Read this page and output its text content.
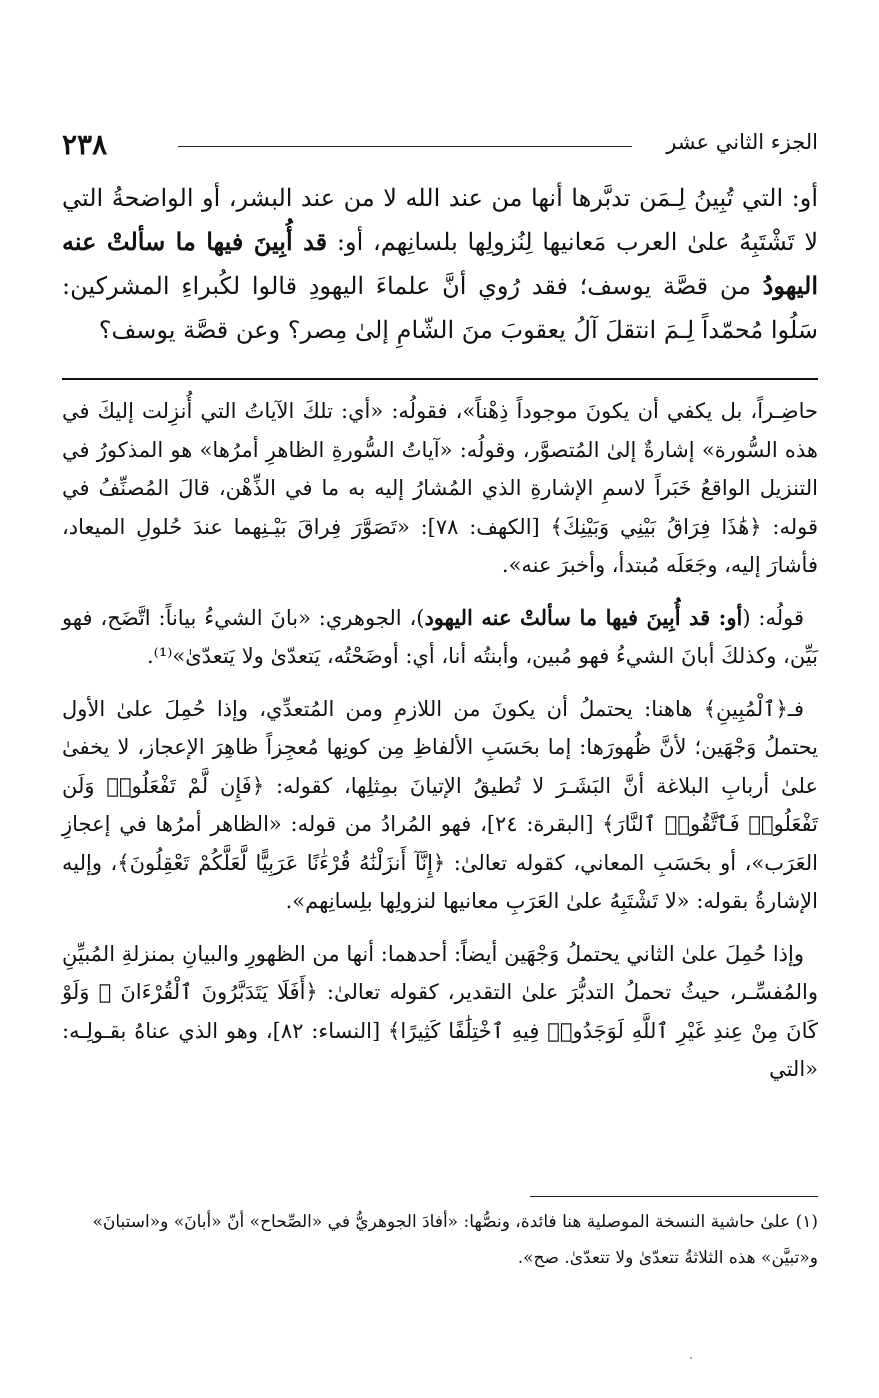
٢٣٨	الجزء الثاني عشر

أو: التي تُبِينُ لِـمَن تدبَّرها أنها من عند الله لا من عند البشر، أو الواضحةُ التي لا تَشْتَبِهُ علىٰ العرب مَعانيها لِنُزولِها بلسانِهم، أو: قد أُبِينَ فيها ما سألتْ عنه اليهودُ من قصَّة يوسف؛ فقد رُوي أنَّ علماءَ اليهودِ قالوا لكُبراءِ المشركين: سَلُوا مُحمّداً لِـمَ انتقلَ آلُ يعقوبَ منَ الشّامِ إلىٰ مِصر؟ وعن قصَّة يوسف؟

حاضِـراً، بل يكفي أن يكونَ موجوداً ذِهْناً»، فقولُه: «أي: تلكَ الآياتُ التي أُنزِلت إليكَ في هذه السُّورة» إشارةٌ إلىٰ المُتصوَّر، وقولُه: «آياتُ السُّورةِ الظاهرِ أمرُها» هو المذكورُ في التنزيل الواقعُ خَبَراً لاسمِ الإشارةِ الذي المُشارُ إليه به ما في الذِّهْن، قالَ المُصنِّفُ في قوله: ﴿هَٰذَا فِرَاقُ بَيْنِي وَبَيْنِكَ﴾ [الكهف: ٧٨]: «تَصَوَّرَ فِراقَ بَيْـنِهما عندَ حُلولِ الميعاد، فأشارَ إليه، وجَعَلَه مُبتدأ، وأخبرَ عنه».

قولُه: (أو: قد أُبِينَ فيها ما سألتْ عنه اليهود)، الجوهري: «بانَ الشيءُ بياناً: اتَّضَح، فهو بَيِّن، وكذلكَ أبانَ الشيءُ فهو مُبين، وأبنتُه أنا، أي: أوضَحْتُه، يَتعدّىٰ ولا يَتعدّىٰ»⁽¹⁾.

فـ﴿ٱلْمُبِينِ﴾ هاهنا: يحتملُ أن يكونَ من اللازمِ ومن المُتعدِّي، وإذا حُمِلَ علىٰ الأول يحتملُ وَجْهَين؛ لأنَّ ظُهورَها: إما بحَسَبِ الألفاظِ مِن كونِها مُعجِزاً ظاهِرَ الإعجاز، لا يخفىٰ علىٰ أربابِ البلاغة أنَّ البَشَـرَ لا تُطيقُ الإتيانَ بمِثلِها، كقوله: ﴿فَإِن لَّمْ تَفْعَلُوا۟ وَلَن تَفْعَلُوا۟ فَٱتَّقُوا۟ ٱلنَّارَ﴾ [البقرة: ٢٤]، فهو المُرادُ من قوله: «الظاهر أمرُها في إعجازِ العَرَب»، أو بحَسَبِ المعاني، كقوله تعالىٰ: ﴿إِنَّآ أَنزَلْنَٰهُ قُرْءَٰنًا عَرَبِيًّا لَّعَلَّكُمْ تَعْقِلُونَ﴾، وإليه الإشارةُ بقوله: «لا تَشْتَبِهُ علىٰ العَرَبِ معانيها لنزولِها بلِسانِهم».

وإذا حُمِلَ علىٰ الثاني يحتملُ وَجْهَين أيضاً: أحدهما: أنها من الظهورِ والبيانِ بمنزلةِ المُبيِّنِ والمُفسِّـر، حيثُ تحملُ التدبُّرَ علىٰ التقدير، كقوله تعالىٰ: ﴿أَفَلَا يَتَدَبَّرُونَ ٱلْقُرْءَانَ ۚ وَلَوْ كَانَ مِنْ عِندِ غَيْرِ ٱللَّهِ لَوَجَدُوا۟ فِيهِ ٱخْتِلَٰفًا كَثِيرًا﴾ [النساء: ٨٢]، وهو الذي عناهُ بقـولِـه: «التي

(١) علىٰ حاشية النسخة الموصلية هنا فائدة، ونصُّها: «أفادَ الجوهريُّ في «الصِّحاح» أنّ «أبانَ» و«استبانَ»

و«تبيَّن» هذه الثلاثةُ تتعدّىٰ ولا تتعدّىٰ. صح».
